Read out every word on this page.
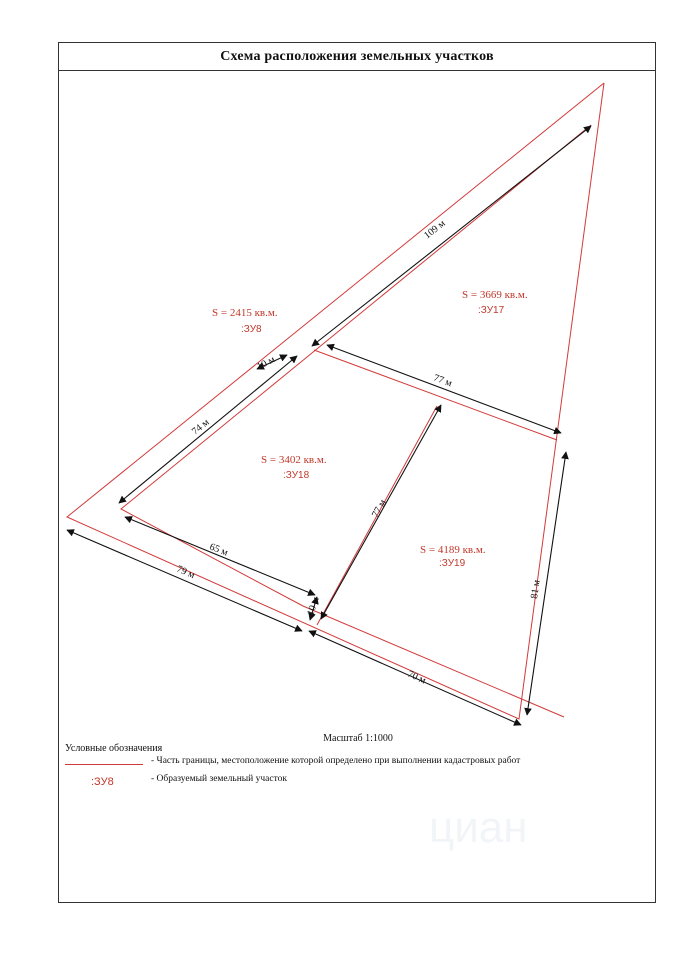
Схема расположения земельных участков
109 м
74 м
10 м
77 м
77 м
65 м
79 м
10 м
70 м
81 м
S = 2415 кв.м.
:ЗУ8
S = 3669 кв.м.
:ЗУ17
S = 3402 кв.м.
:ЗУ18
S = 4189 кв.м.
:ЗУ19
Масштаб 1:1000
Условные обозначения
- Часть границы, местоположение которой определено при выполнении кадастровых работ
:ЗУ8	- Образуемый земельный участок
циан
